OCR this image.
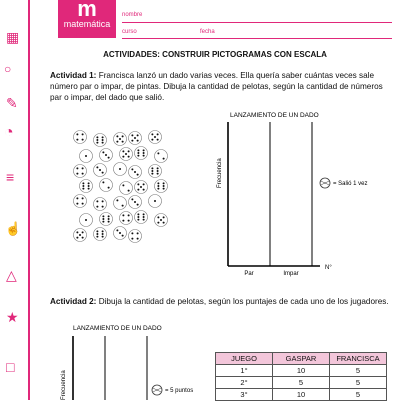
▦
○
✎
◔
≡
☝
△
★
□
m
matemática
2º básico
nombre
curso	fecha
ACTIVIDADES: CONSTRUIR PICTOGRAMAS CON ESCALA
Actividad 1: Francisca lanzó un dado varias veces. Ella quería saber cuántas veces sale número par o impar, de pintas. Dibuja la cantidad de pelotas, según la cantidad de números par o impar, del dado que salió.
LANZAMIENTO DE UN DADO
Frecuencia
Par	Impar
N°
= Salió 1 vez
Actividad 2: Dibuja la cantidad de pelotas, según los puntajes de cada uno de los jugadores.
LANZAMIENTO DE UN DADO
Frecuencia	= 5 puntos
JUEGO	GASPAR	FRANCISCA
1°	10	5
2°	5	5
3°	10	5
